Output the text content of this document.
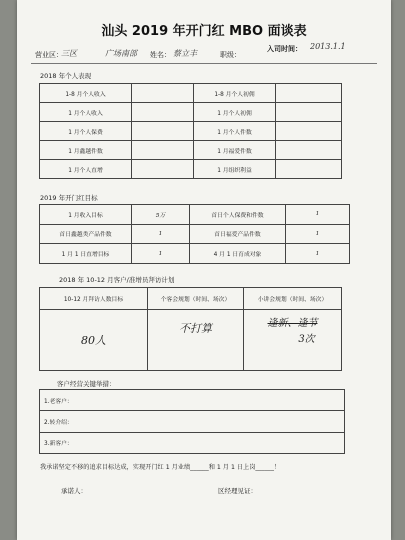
汕头 2019 年开门红 MBO 面谈表
营业区：
三区	广场南部 姓名： 蔡立丰	职级：
入司时间： 2013.1.1
2018 年个人表现
1-8 月个人收入		1-8 月个人初佣	
1 月个人收入		1 月个人初佣	
1 月个人保费		1 月个人件数	
1 月鑫越件数		1 月福爱件数	
1 月个人直增		1 月组织利益	
2019 年开门红目标
1 月收入目标	5万	首日个人保费和件数	1
首日鑫越类产品件数	1	首日福爱产品件数	1
1 月 1 日直增目标	1	4 月 1 日育成对象	1
2018 年 10-12 月客户/准增员拜访计划
10-12 月拜访人数目标	个客会规划（时间、场次）	小讲会规划（时间、场次）
80人	不打算	逢新、逢节
3次
客户经营关键举措：
1.老客户：
2.转介绍：
3.新客户：
我承诺坚定不移的追求目标达成，实现开门红 1 月业绩______和 1 月 1 日上岗______！
承诺人：	区经理见证：
